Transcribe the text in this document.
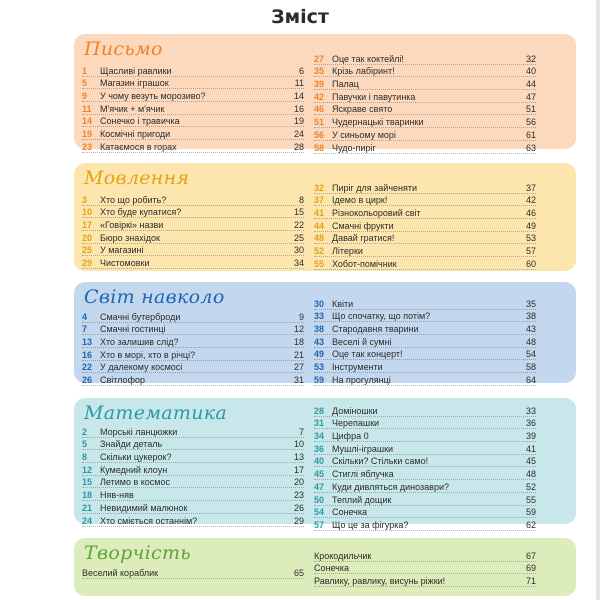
Зміст
Письмо
1	Щасливі равлики	6
5	Магазин іграшок	11
9	У чому везуть морозиво?	14
11 М'ячик + м'ячик	16
14 Сонечко і травичка	19
19 Космічні пригоди	24
23 Катаємося в горах	28
27 Оце так коктейлі!	32
35 Крізь лабіринт!	40
39 Палац	44
42 Павучки і павутинка	47
46 Яскраве свято	51
51 Чудернацькі тваринки	56
56 У синьому морі	61
58 Чудо-пиріг	63
Мовлення
3	Хто що робить?	8
10 Хто буде купатися?	15
17 «Говіркі» назви	22
20 Бюро знахідок	25
25 У магазині	30
29 Чистомовки	34
32 Пиріг для зайченяти	37
37 Ідемо в цирк!	42
41 Різнокольоровий світ	46
44 Смачні фрукти	49
48 Давай гратися!	53
52 Літерки	57
55 Хобот-помічник	60
Світ навколо
4	Смачні бутерброди	9
7	Смачні гостинці	12
13 Хто залишив слід?	18
16 Хто в морі, хто в річці?	21
22 У далекому космосі	27
26 Світлофор	31
30 Квіти	35
33 Що спочатку, що потім?	38
38 Стародавня тварини	43
43 Веселі й сумні	48
49 Оце так концерт!	54
53 Інструменти	58
59 На прогулянці	64
Математика
2	Морські ланцюжки	7
5	Знайди деталь	10
8	Скільки цукерок?	13
12 Кумедний клоун	17
15 Летимо в космос	20
18 Няв-няв	23
21 Невидимий малюнок	26
24 Хто сміється останнім?	29
28 Доміношки	33
31 Черепашки	36
34 Цифра 0	39
36 Мушлі-іграшки	41
40 Скільки? Стільки само!	45
45 Стиглі яблучка	48
47 Куди дивляться динозаври?	52
50 Теплий дощик	55
54 Сонечка	59
57 Що це за фігурка?	62
Творчість
Веселий кораблик	65
Крокодильчик	67
Сонечка	69
Равлику, равлику, висунь ріжки!	71
